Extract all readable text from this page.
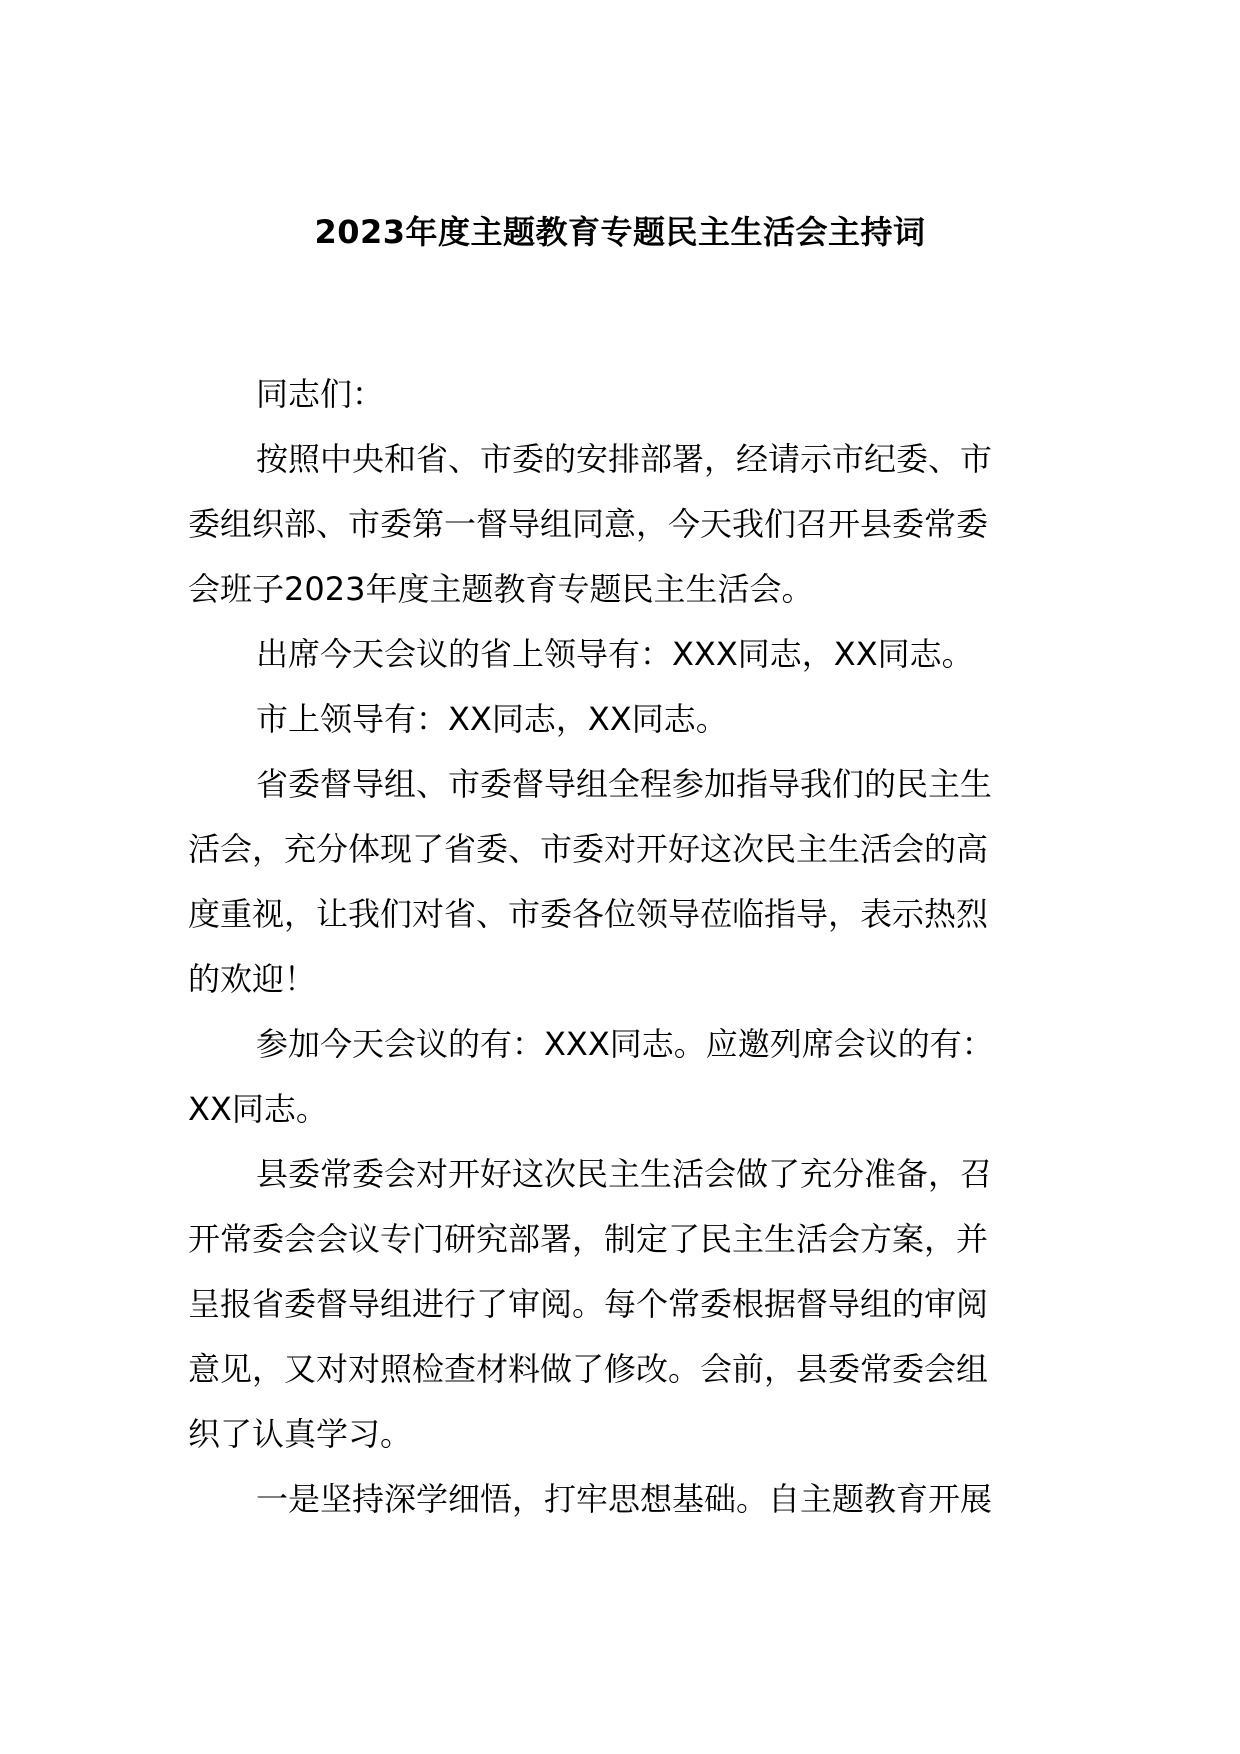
2023年度主题教育专题民主生活会主持词

同志们：

按照中央和省、市委的安排部署，经请示市纪委、市
委组织部、市委第一督导组同意，今天我们召开县委常委
会班子2023年度主题教育专题民主生活会。

出席今天会议的省上领导有：XXX同志，XX同志。

市上领导有：XX同志，XX同志。

省委督导组、市委督导组全程参加指导我们的民主生
活会，充分体现了省委、市委对开好这次民主生活会的高
度重视，让我们对省、市委各位领导莅临指导，表示热烈
的欢迎！

参加今天会议的有：XXX同志。应邀列席会议的有：
XX同志。

县委常委会对开好这次民主生活会做了充分准备，召
开常委会会议专门研究部署，制定了民主生活会方案，并
呈报省委督导组进行了审阅。每个常委根据督导组的审阅
意见，又对对照检查材料做了修改。会前，县委常委会组
织了认真学习。

一是坚持深学细悟，打牢思想基础。自主题教育开展
